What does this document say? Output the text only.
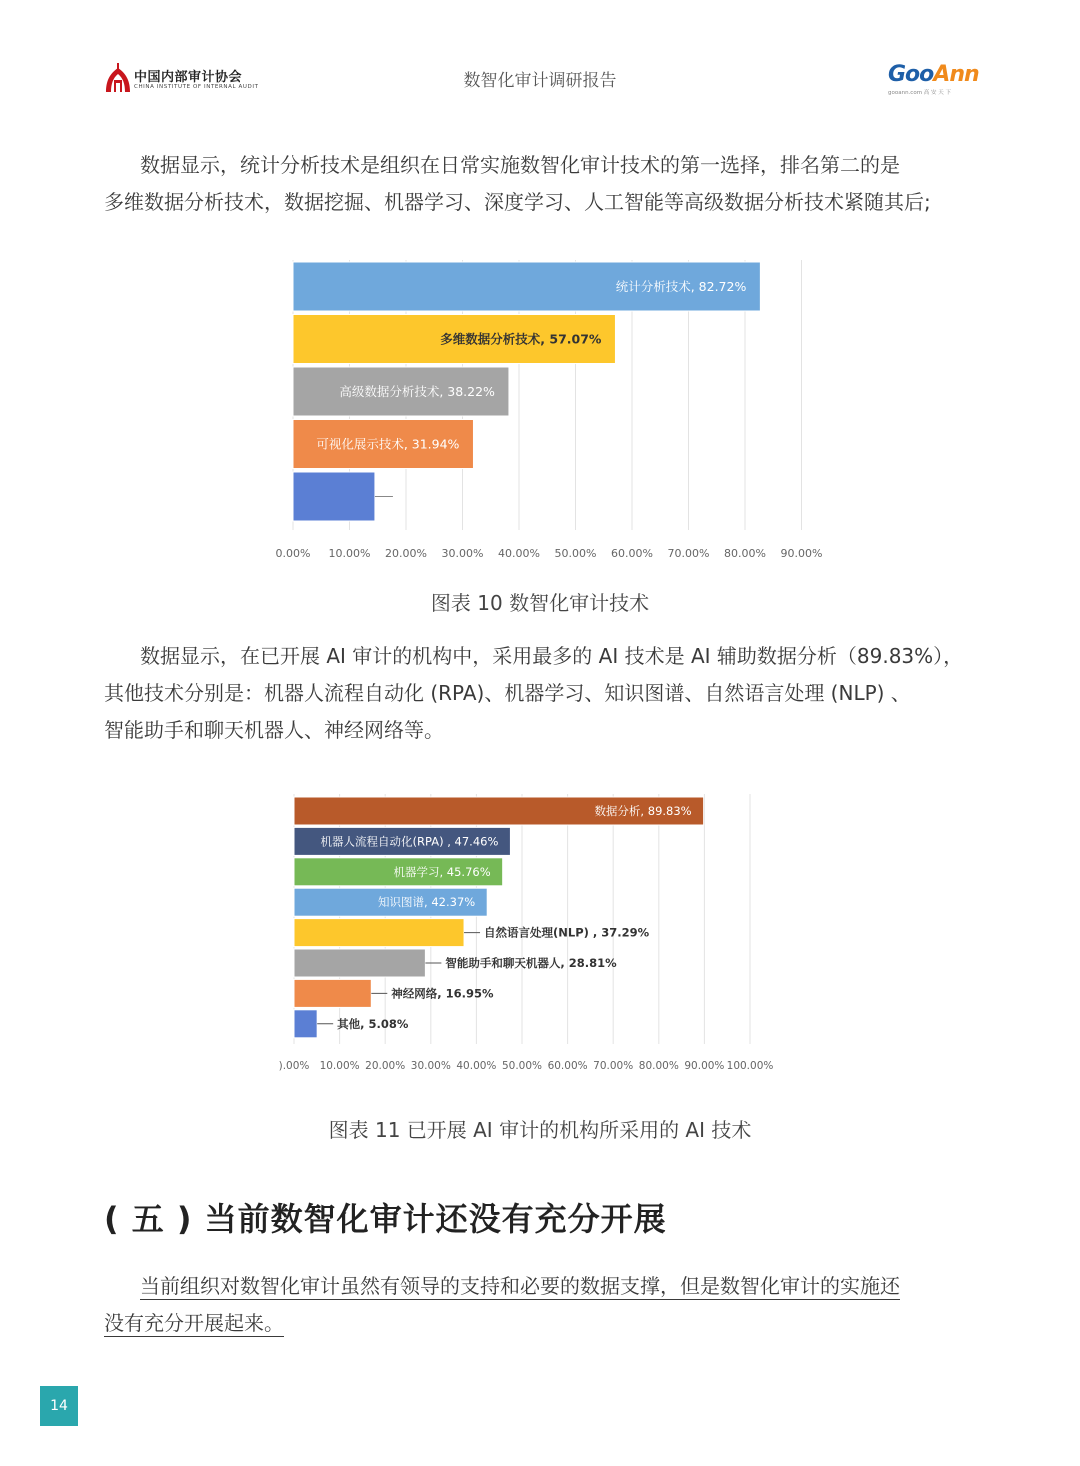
中国内部审计协会
CHINA INSTITUTE OF INTERNAL AUDIT	数智化审计调研报告	GooAnn
gooann.com 高 安 天 下
数据显示，统计分析技术是组织在日常实施数智化审计技术的第一选择，排名第二的是
多维数据分析技术，数据挖掘、机器学习、深度学习、人工智能等高级数据分析技术紧随其后;
0.00% 10.00% 20.00% 30.00% 40.00% 50.00% 60.00% 70.00% 80.00% 90.00%
统计分析技术, 82.72%
多维数据分析技术, 57.07%
高级数据分析技术, 38.22%
可视化展示技术, 31.94%
图表 10 数智化审计技术
数据显示，在已开展 AI 审计的机构中，采用最多的 AI 技术是 AI 辅助数据分析（89.83%），
其他技术分别是：机器人流程自动化 (RPA)、机器学习、知识图谱、自然语言处理 (NLP) 、
智能助手和聊天机器人、神经网络等。
).00% 10.00% 20.00% 30.00% 40.00% 50.00% 60.00% 70.00% 80.00% 90.00% 100.00%
数据分析, 89.83%
机器人流程自动化(RPA) , 47.46%
机器学习, 45.76%
知识图谱, 42.37%
自然语言处理(NLP) , 37.29%
智能助手和聊天机器人, 28.81%
神经网络, 16.95%
其他, 5.08%
图表 11 已开展 AI 审计的机构所采用的 AI 技术
( 五 ) 当前数智化审计还没有充分开展
当前组织对数智化审计虽然有领导的支持和必要的数据支撑，但是数智化审计的实施还
没有充分开展起来。
14
